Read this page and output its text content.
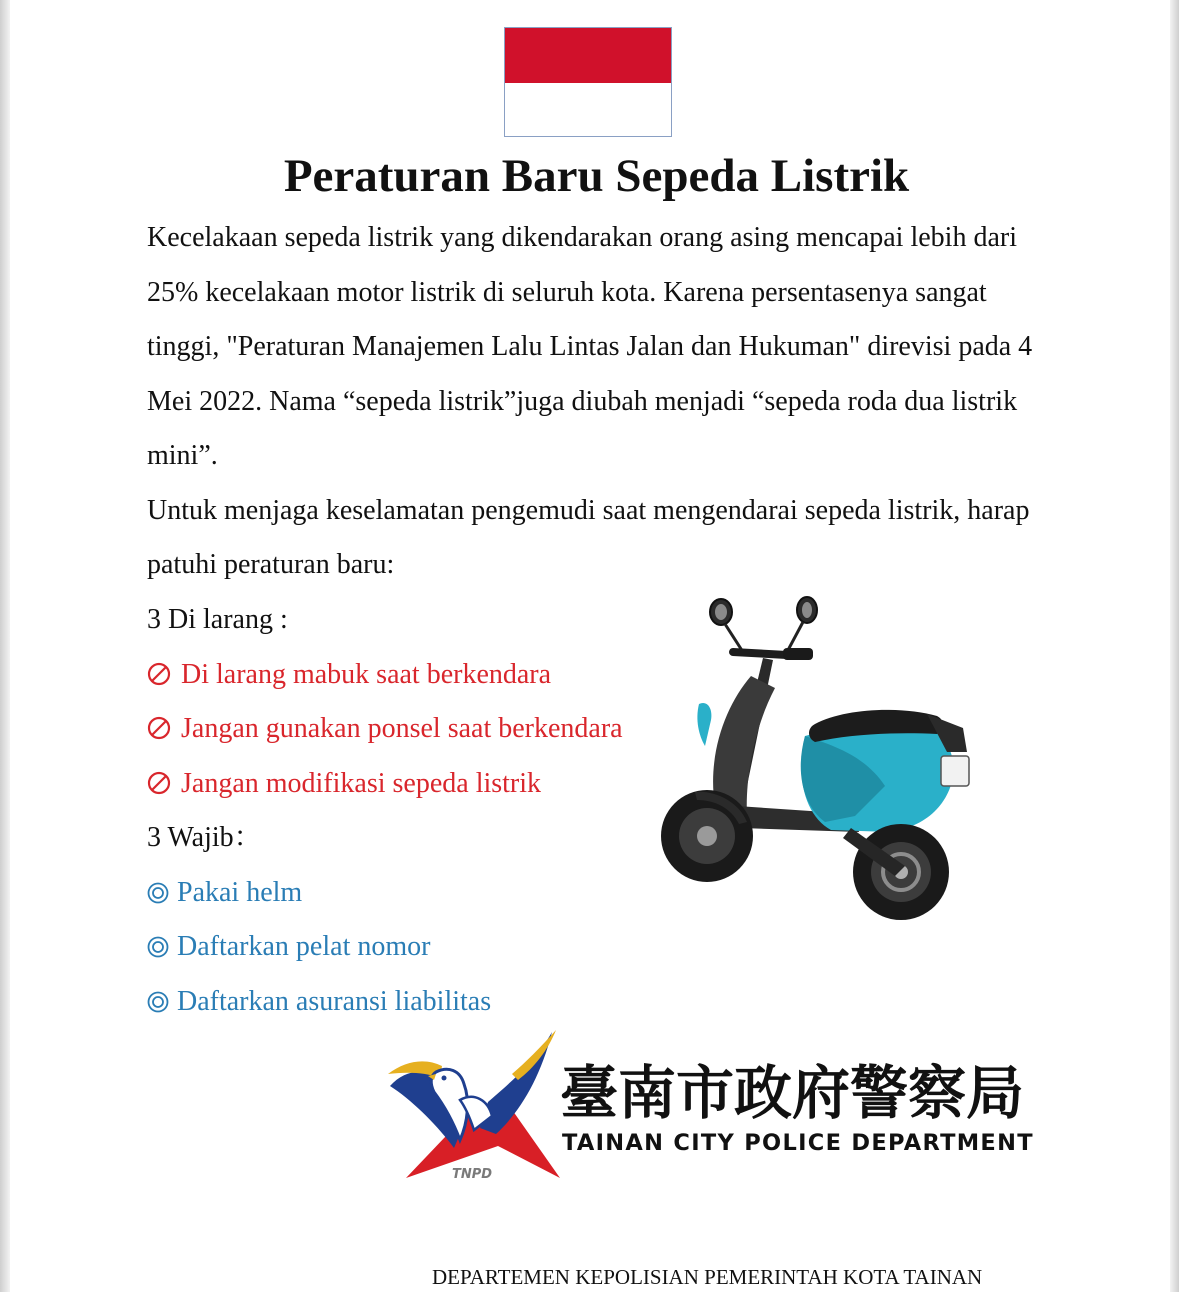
Peraturan Baru Sepeda Listrik

Kecelakaan sepeda listrik yang dikendarakan orang asing mencapai lebih dari 25% kecelakaan motor listrik di seluruh kota. Karena persentasenya sangat tinggi, "Peraturan Manajemen Lalu Lintas Jalan dan Hukuman" direvisi pada 4 Mei 2022. Nama “sepeda listrik”juga diubah menjadi “sepeda roda dua listrik mini”.

Untuk menjaga keselamatan pengemudi saat mengendarai sepeda listrik, harap patuhi peraturan baru:

3 Di larang :
Di larang mabuk saat berkendara
Jangan gunakan ponsel saat berkendara
Jangan modifikasi sepeda listrik
3 Wajib：
Pakai helm
Daftarkan pelat nomor
Daftarkan asuransi liabilitas
TNPD
臺南市政府警察局
TAINAN CITY POLICE DEPARTMENT
DEPARTEMEN KEPOLISIAN PEMERINTAH KOTA TAINAN
